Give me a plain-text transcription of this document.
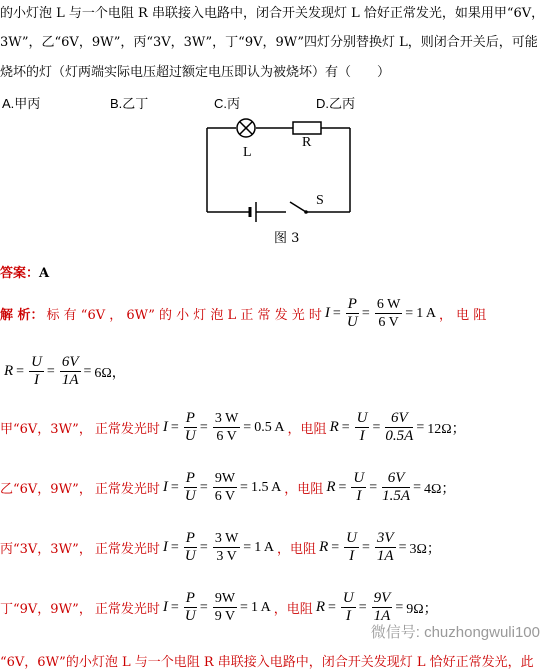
的小灯泡 L 与一个电阻 R 串联接入电路中，闭合开关发现灯 L 恰好正常发光，如果用甲“6V，
3W”，乙“6V，9W”，丙“3V，3W”，丁“9V，9W”四灯分别替换灯 L，则闭合开关后，可能
烧坏的灯（灯两端实际电压超过额定电压即认为被烧坏）有（　　）
A.甲丙	B.乙丁	C.丙	D.乙丙
L
R
S
图 3
答案：A
解 析： 标 有 “6V ， 6W” 的 小 灯 泡 L 正 常 发 光 时 $I = \frac{P}{U} = \frac{6 W}{6 V} = 1$ A ， 电 阻
$R = \frac{U}{I} = \frac{6V}{1A} = 6\Omega$，
甲“6V，3W”， 正常发光时 $I = \frac{P}{U} = \frac{3 W}{6 V} = 0.5$ A ，电阻 $R = \frac{U}{I} = \frac{6V}{0.5A} = 12\Omega$；
乙“6V，9W”， 正常发光时 $I = \frac{P}{U} = \frac{9W}{6 V} = 1.5$ A ，电阻 $R = \frac{U}{I} = \frac{6V}{1.5A} = 4\Omega$；
丙“3V，3W”， 正常发光时 $I = \frac{P}{U} = \frac{3 W}{3 V} = 1$ A ，电阻 $R = \frac{U}{I} = \frac{3V}{1A} = 3\Omega$；
丁“9V，9W”， 正常发光时 $I = \frac{P}{U} = \frac{9W}{9 V} = 1$ A ，电阻 $R = \frac{U}{I} = \frac{9V}{1A} = 9\Omega$；
“6V，6W”的小灯泡 L 与一个电阻 R 串联接入电路中，闭合开关发现灯 L 恰好正常发光，此
微信号: chuzhongwuli100
